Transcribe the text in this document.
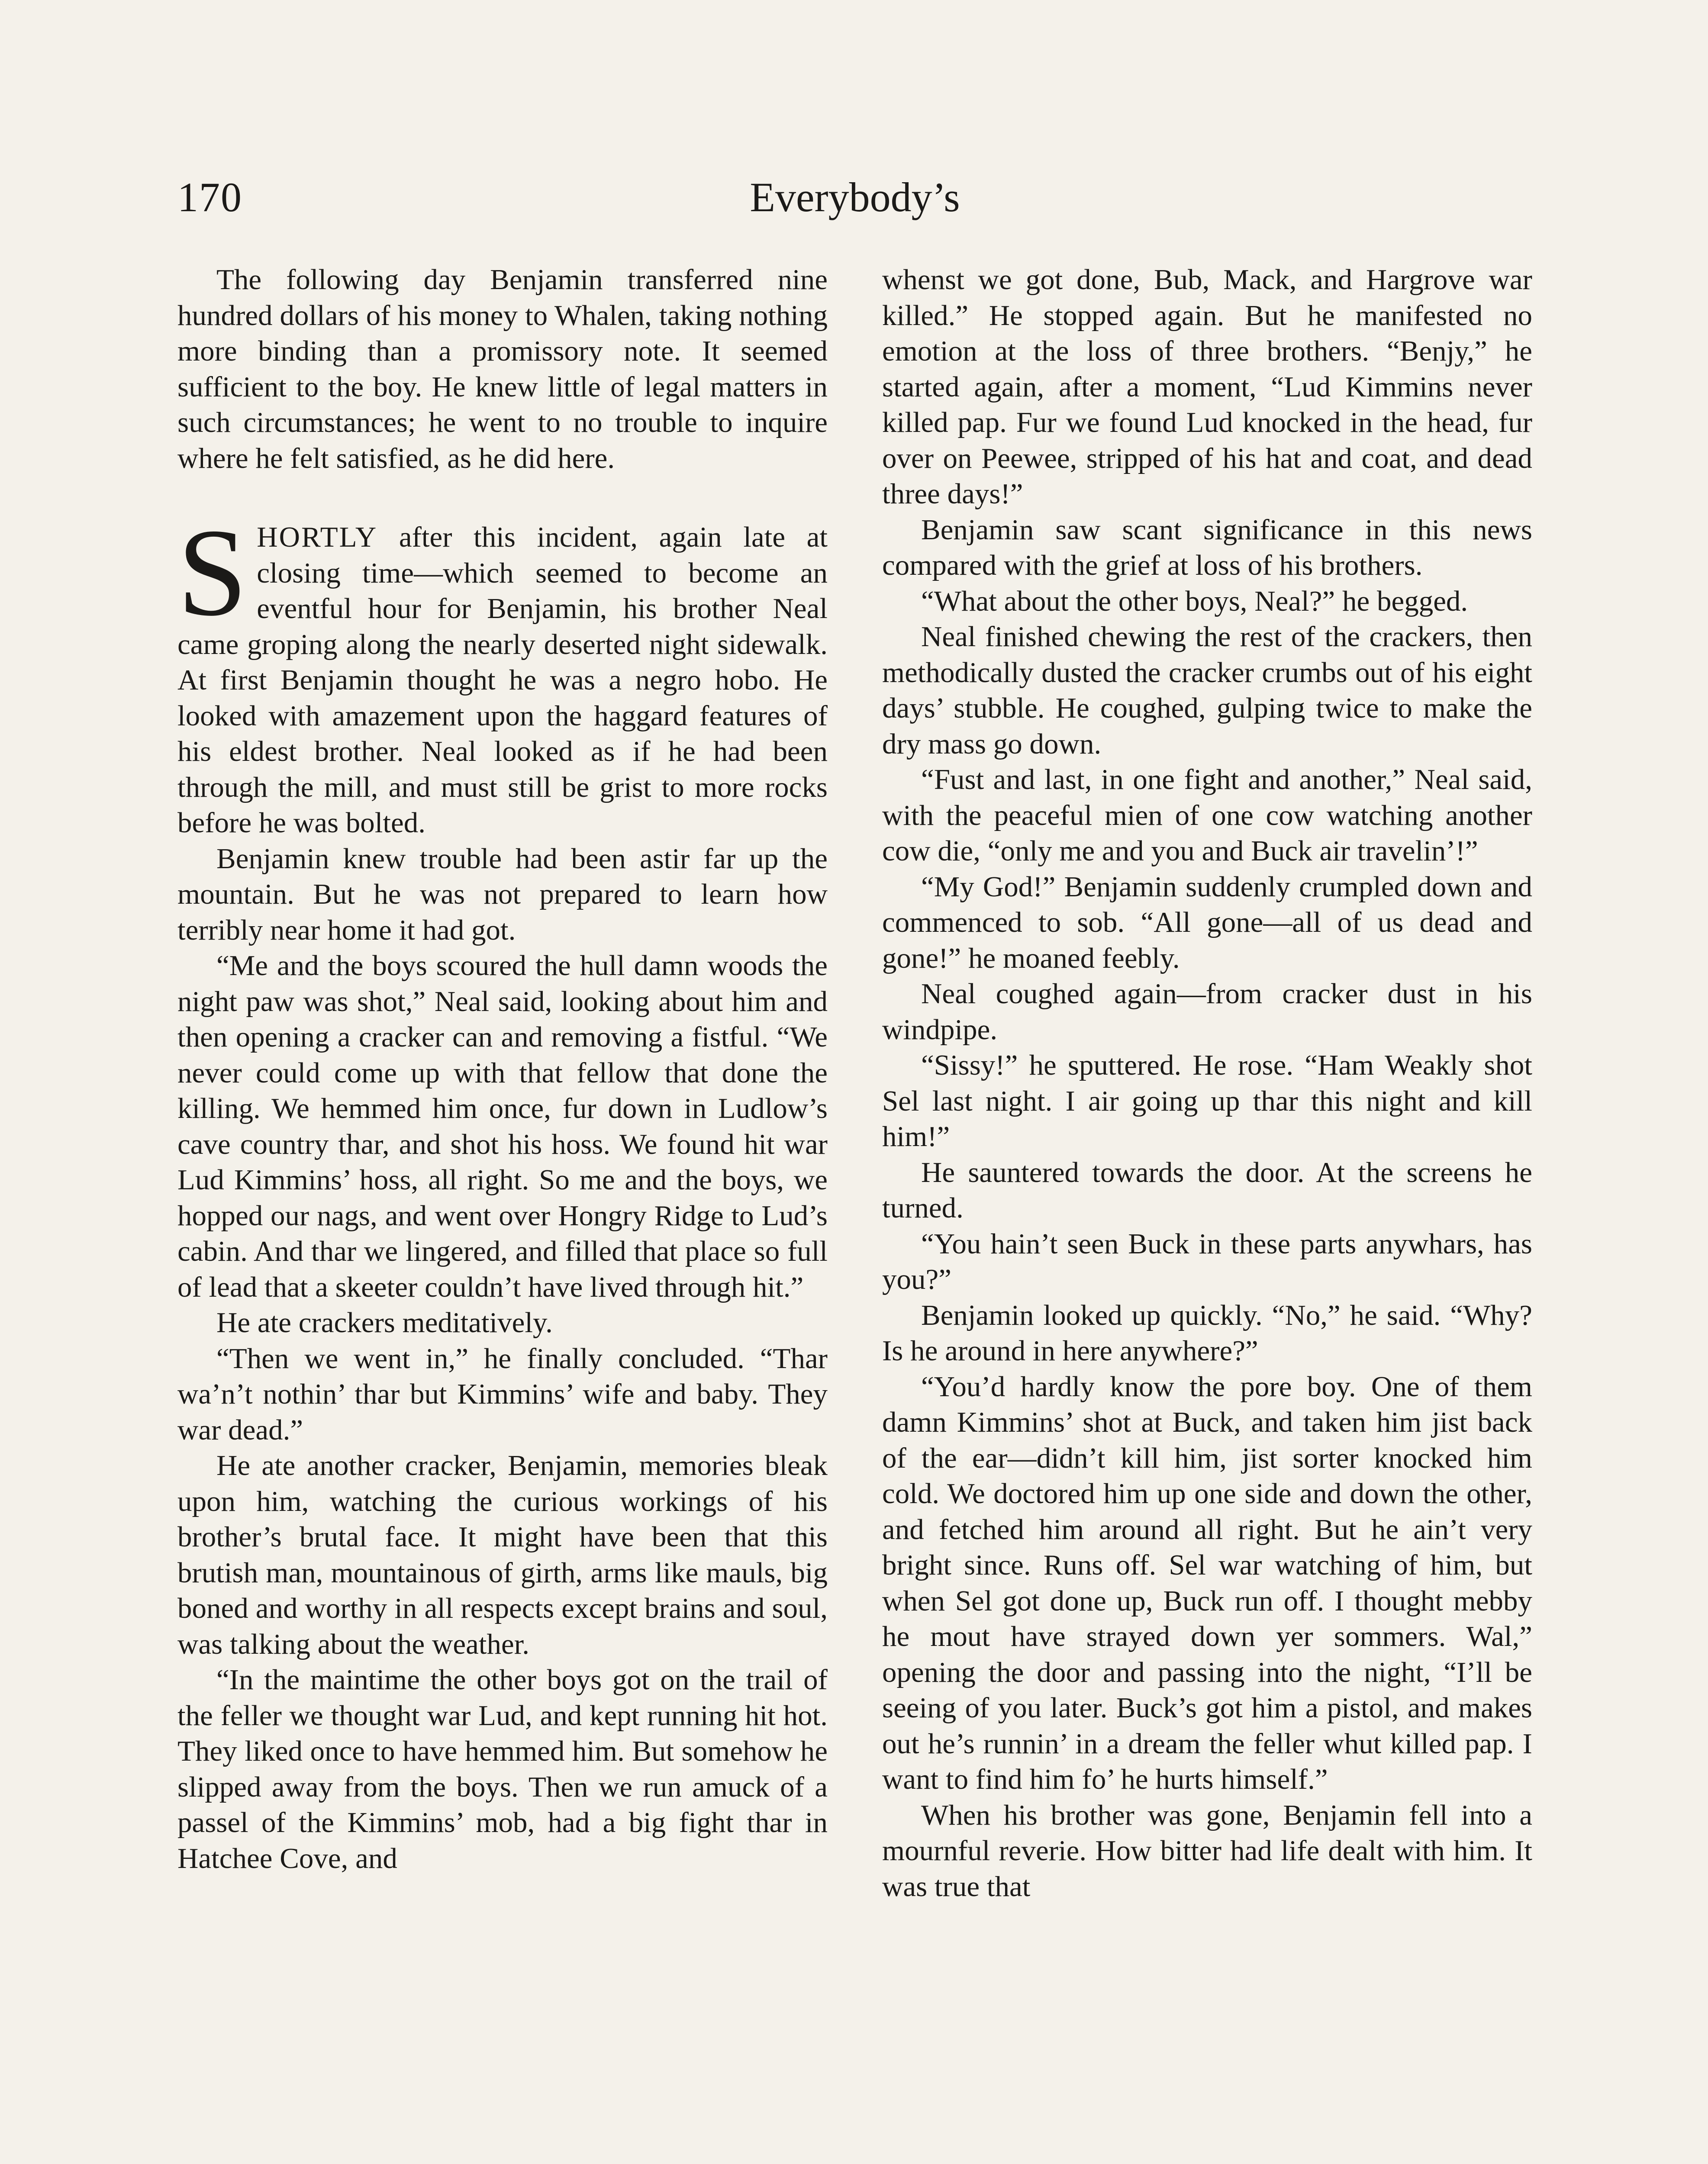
170	Everybody’s

The following day Benjamin transferred nine hundred dollars of his money to Whalen, taking nothing more binding than a promissory note. It seemed sufficient to the boy. He knew little of legal matters in such circumstances; he went to no trouble to inquire where he felt satisfied, as he did here.

SHORTLY after this incident, again late at closing time—which seemed to become an eventful hour for Benjamin, his brother Neal came groping along the nearly deserted night sidewalk. At first Benjamin thought he was a negro hobo. He looked with amazement upon the haggard features of his eldest brother. Neal looked as if he had been through the mill, and must still be grist to more rocks before he was bolted.

Benjamin knew trouble had been astir far up the mountain. But he was not prepared to learn how terribly near home it had got.

“Me and the boys scoured the hull damn woods the night paw was shot,” Neal said, looking about him and then opening a cracker can and removing a fistful. “We never could come up with that fellow that done the killing. We hemmed him once, fur down in Ludlow’s cave country thar, and shot his hoss. We found hit war Lud Kimmins’ hoss, all right. So me and the boys, we hopped our nags, and went over Hongry Ridge to Lud’s cabin. And thar we lingered, and filled that place so full of lead that a skeeter couldn’t have lived through hit.”

He ate crackers meditatively.

“Then we went in,” he finally concluded. “Thar wa’n’t nothin’ thar but Kimmins’ wife and baby. They war dead.”

He ate another cracker, Benjamin, memories bleak upon him, watching the curious workings of his brother’s brutal face. It might have been that this brutish man, mountainous of girth, arms like mauls, big boned and worthy in all respects except brains and soul, was talking about the weather.

“In the maintime the other boys got on the trail of the feller we thought war Lud, and kept running hit hot. They liked once to have hemmed him. But somehow he slipped away from the boys. Then we run amuck of a passel of the Kimmins’ mob, had a big fight thar in Hatchee Cove, and

whenst we got done, Bub, Mack, and Hargrove war killed.” He stopped again. But he manifested no emotion at the loss of three brothers. “Benjy,” he started again, after a moment, “Lud Kimmins never killed pap. Fur we found Lud knocked in the head, fur over on Peewee, stripped of his hat and coat, and dead three days!”

Benjamin saw scant significance in this news compared with the grief at loss of his brothers.

“What about the other boys, Neal?” he begged.

Neal finished chewing the rest of the crackers, then methodically dusted the cracker crumbs out of his eight days’ stubble. He coughed, gulping twice to make the dry mass go down.

“Fust and last, in one fight and another,” Neal said, with the peaceful mien of one cow watching another cow die, “only me and you and Buck air travelin’!”

“My God!” Benjamin suddenly crumpled down and commenced to sob. “All gone—all of us dead and gone!” he moaned feebly.

Neal coughed again—from cracker dust in his windpipe.

“Sissy!” he sputtered. He rose. “Ham Weakly shot Sel last night. I air going up thar this night and kill him!”

He sauntered towards the door. At the screens he turned.

“You hain’t seen Buck in these parts anywhars, has you?”

Benjamin looked up quickly. “No,” he said. “Why? Is he around in here anywhere?”

“You’d hardly know the pore boy. One of them damn Kimmins’ shot at Buck, and taken him jist back of the ear—didn’t kill him, jist sorter knocked him cold. We doctored him up one side and down the other, and fetched him around all right. But he ain’t very bright since. Runs off. Sel war watching of him, but when Sel got done up, Buck run off. I thought mebby he mout have strayed down yer sommers. Wal,” opening the door and passing into the night, “I’ll be seeing of you later. Buck’s got him a pistol, and makes out he’s runnin’ in a dream the feller whut killed pap. I want to find him fo’ he hurts himself.”

When his brother was gone, Benjamin fell into a mournful reverie. How bitter had life dealt with him. It was true that
